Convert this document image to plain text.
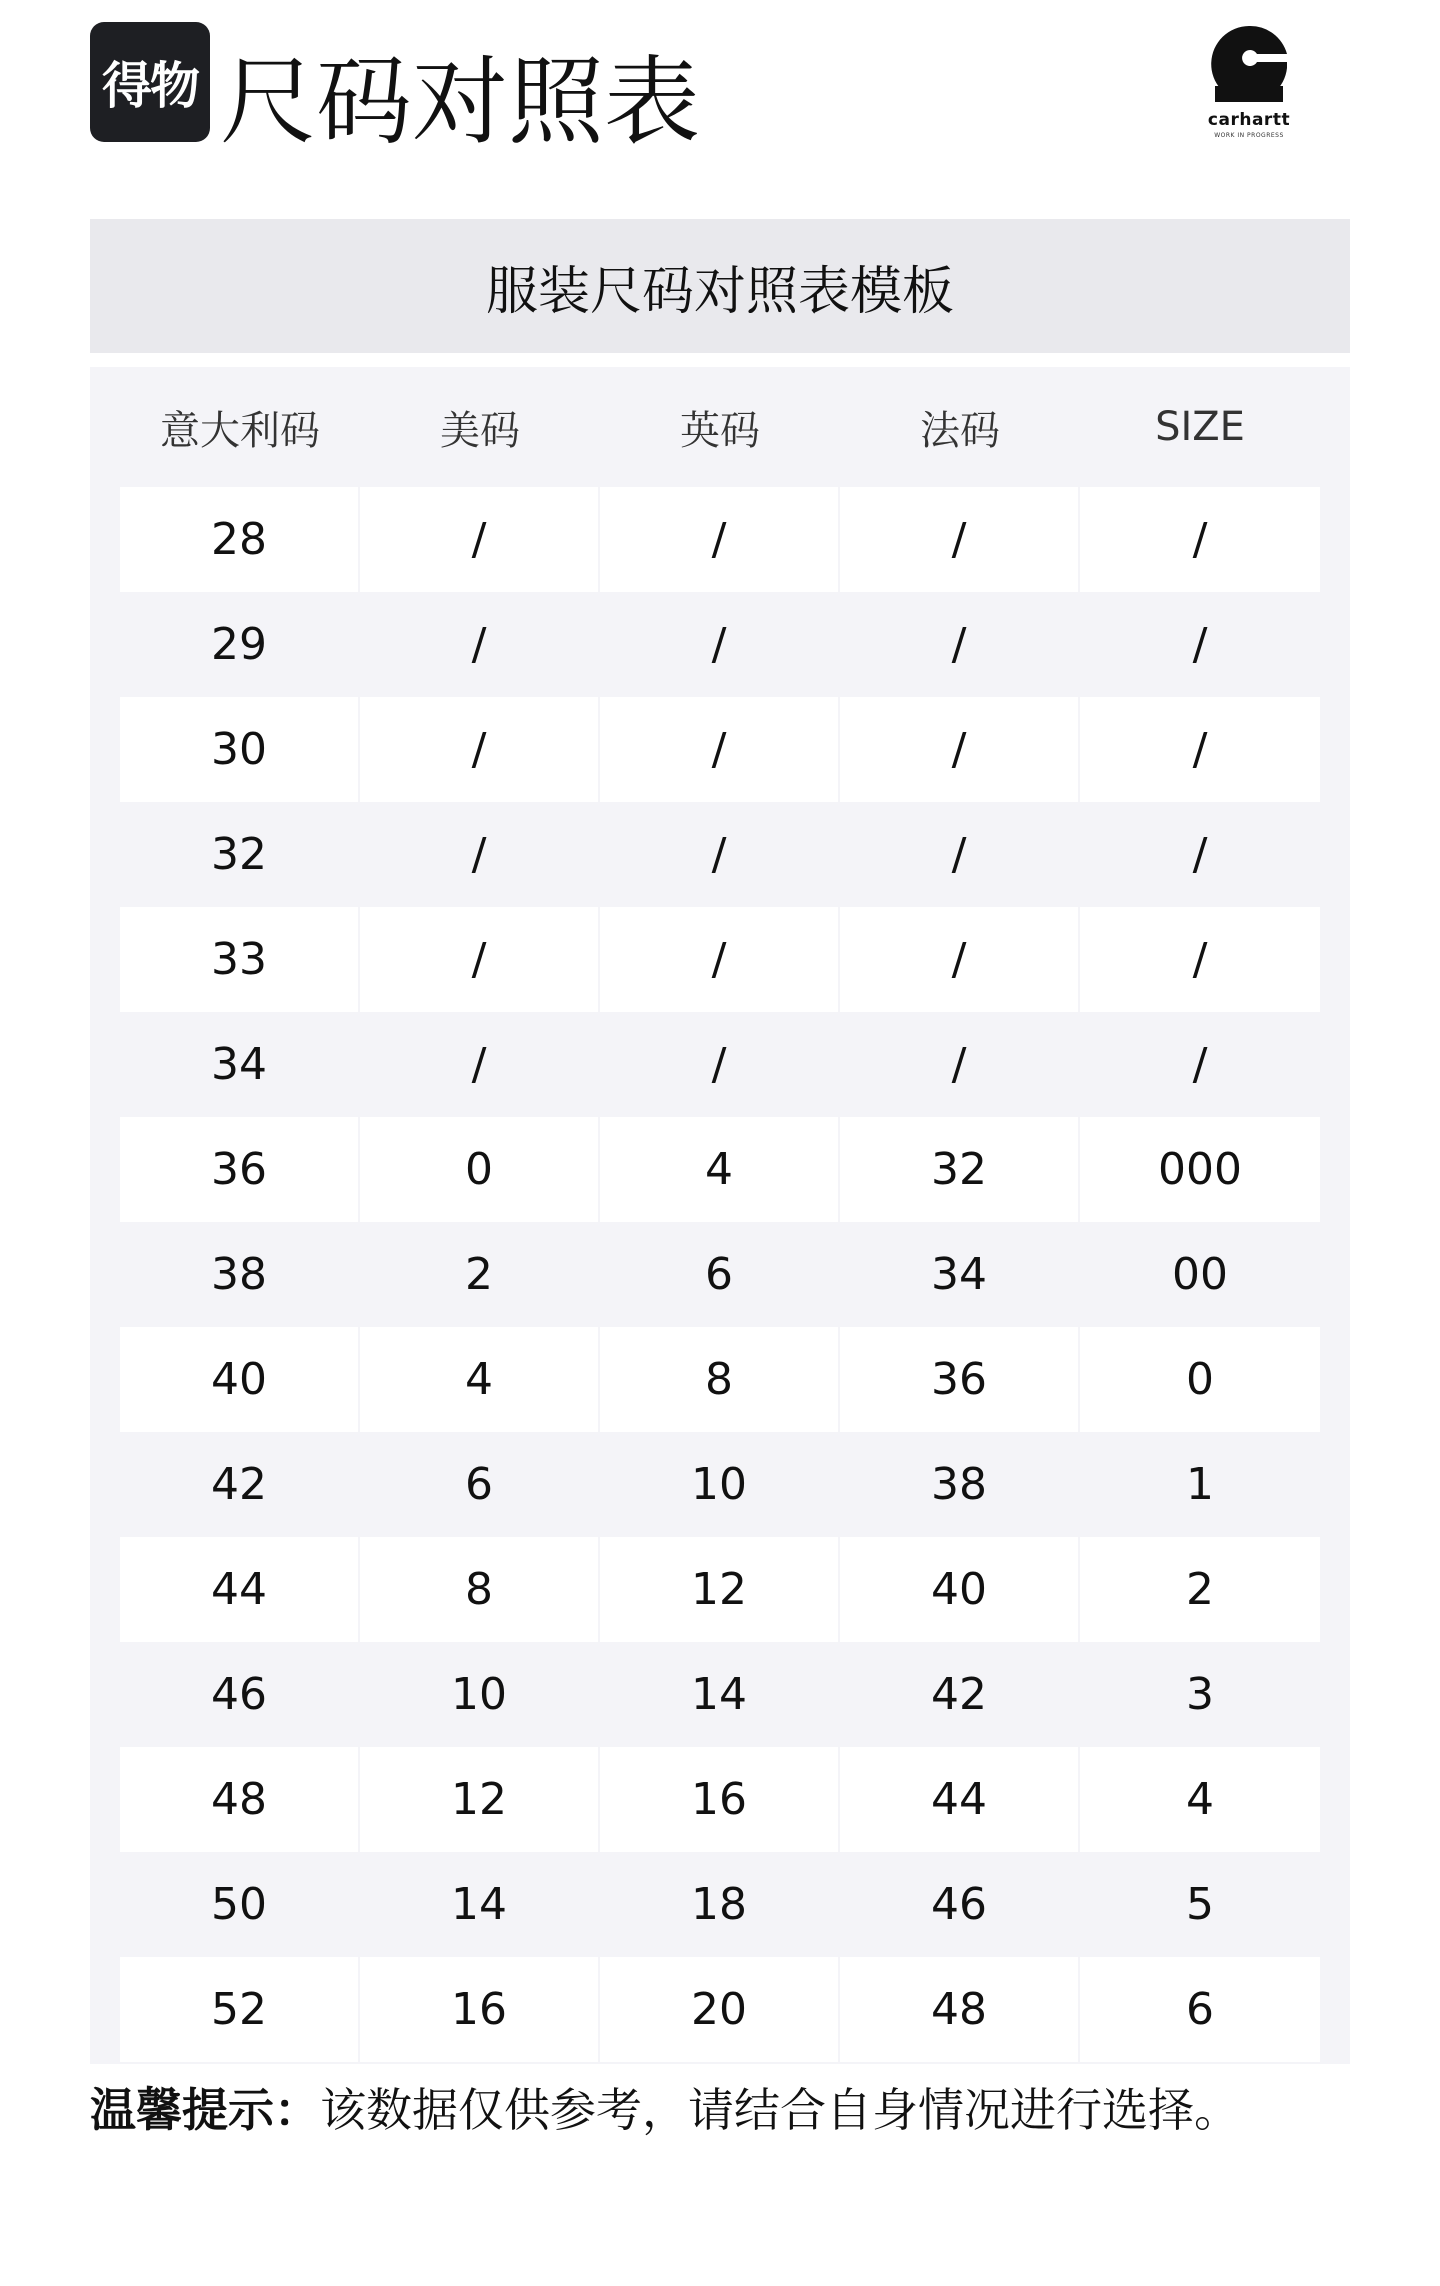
得物 尺码对照表	carhartt
WORK IN PROGRESS
服装尺码对照表模板
意大利码	美码	英码	法码	SIZE
28	/	/	/	/
29	/	/	/	/
30	/	/	/	/
32	/	/	/	/
33	/	/	/	/
34	/	/	/	/
36	0	4	32	000
38	2	6	34	00
40	4	8	36	0
42	6	10	38	1
44	8	12	40	2
46	10	14	42	3
48	12	16	44	4
50	14	18	46	5
52	16	20	48	6
温馨提示：该数据仅供参考，请结合自身情况进行选择。
